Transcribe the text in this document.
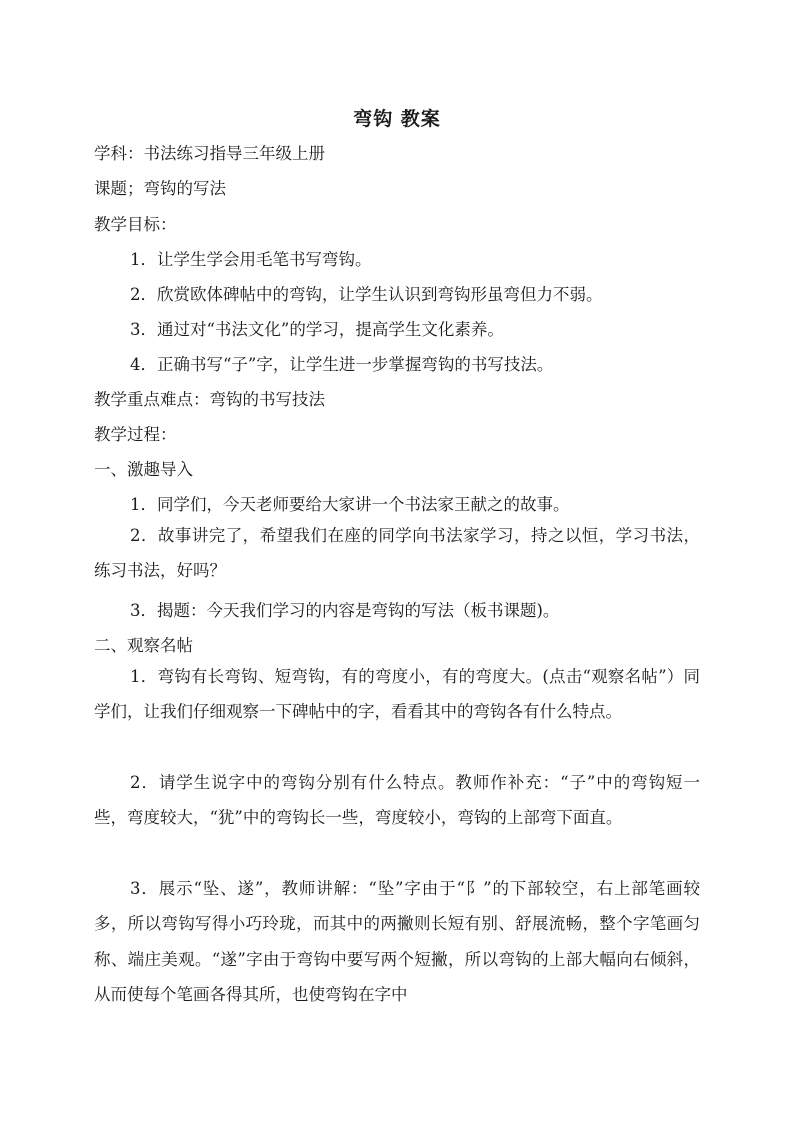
弯钩 教案
学科：书法练习指导三年级上册
课题；弯钩的写法
教学目标：
1．让学生学会用毛笔书写弯钩。
2．欣赏欧体碑帖中的弯钩，让学生认识到弯钩形虽弯但力不弱。
3．通过对“书法文化”的学习，提高学生文化素养。
4．正确书写“子”字，让学生进一步掌握弯钩的书写技法。
教学重点难点：弯钩的书写技法
教学过程：
一、激趣导入
1．同学们，今天老师要给大家讲一个书法家王献之的故事。
2．故事讲完了，希望我们在座的同学向书法家学习，持之以恒，学习书法，练习书法，好吗？
3．揭题：今天我们学习的内容是弯钩的写法（板书课题)。
二、观察名帖
1．弯钩有长弯钩、短弯钩，有的弯度小，有的弯度大。(点击“观察名帖”）同学们，让我们仔细观察一下碑帖中的字，看看其中的弯钩各有什么特点。
2．请学生说字中的弯钩分别有什么特点。教师作补充：“子”中的弯钩短一些，弯度较大，“犹”中的弯钩长一些，弯度较小，弯钩的上部弯下面直。
3．展示“坠、遂”，教师讲解：“坠”字由于“阝”的下部较空，右上部笔画较多，所以弯钩写得小巧玲珑，而其中的两撇则长短有别、舒展流畅，整个字笔画匀称、端庄美观。“遂”字由于弯钩中要写两个短撇，所以弯钩的上部大幅向右倾斜，从而使每个笔画各得其所，也使弯钩在字中
